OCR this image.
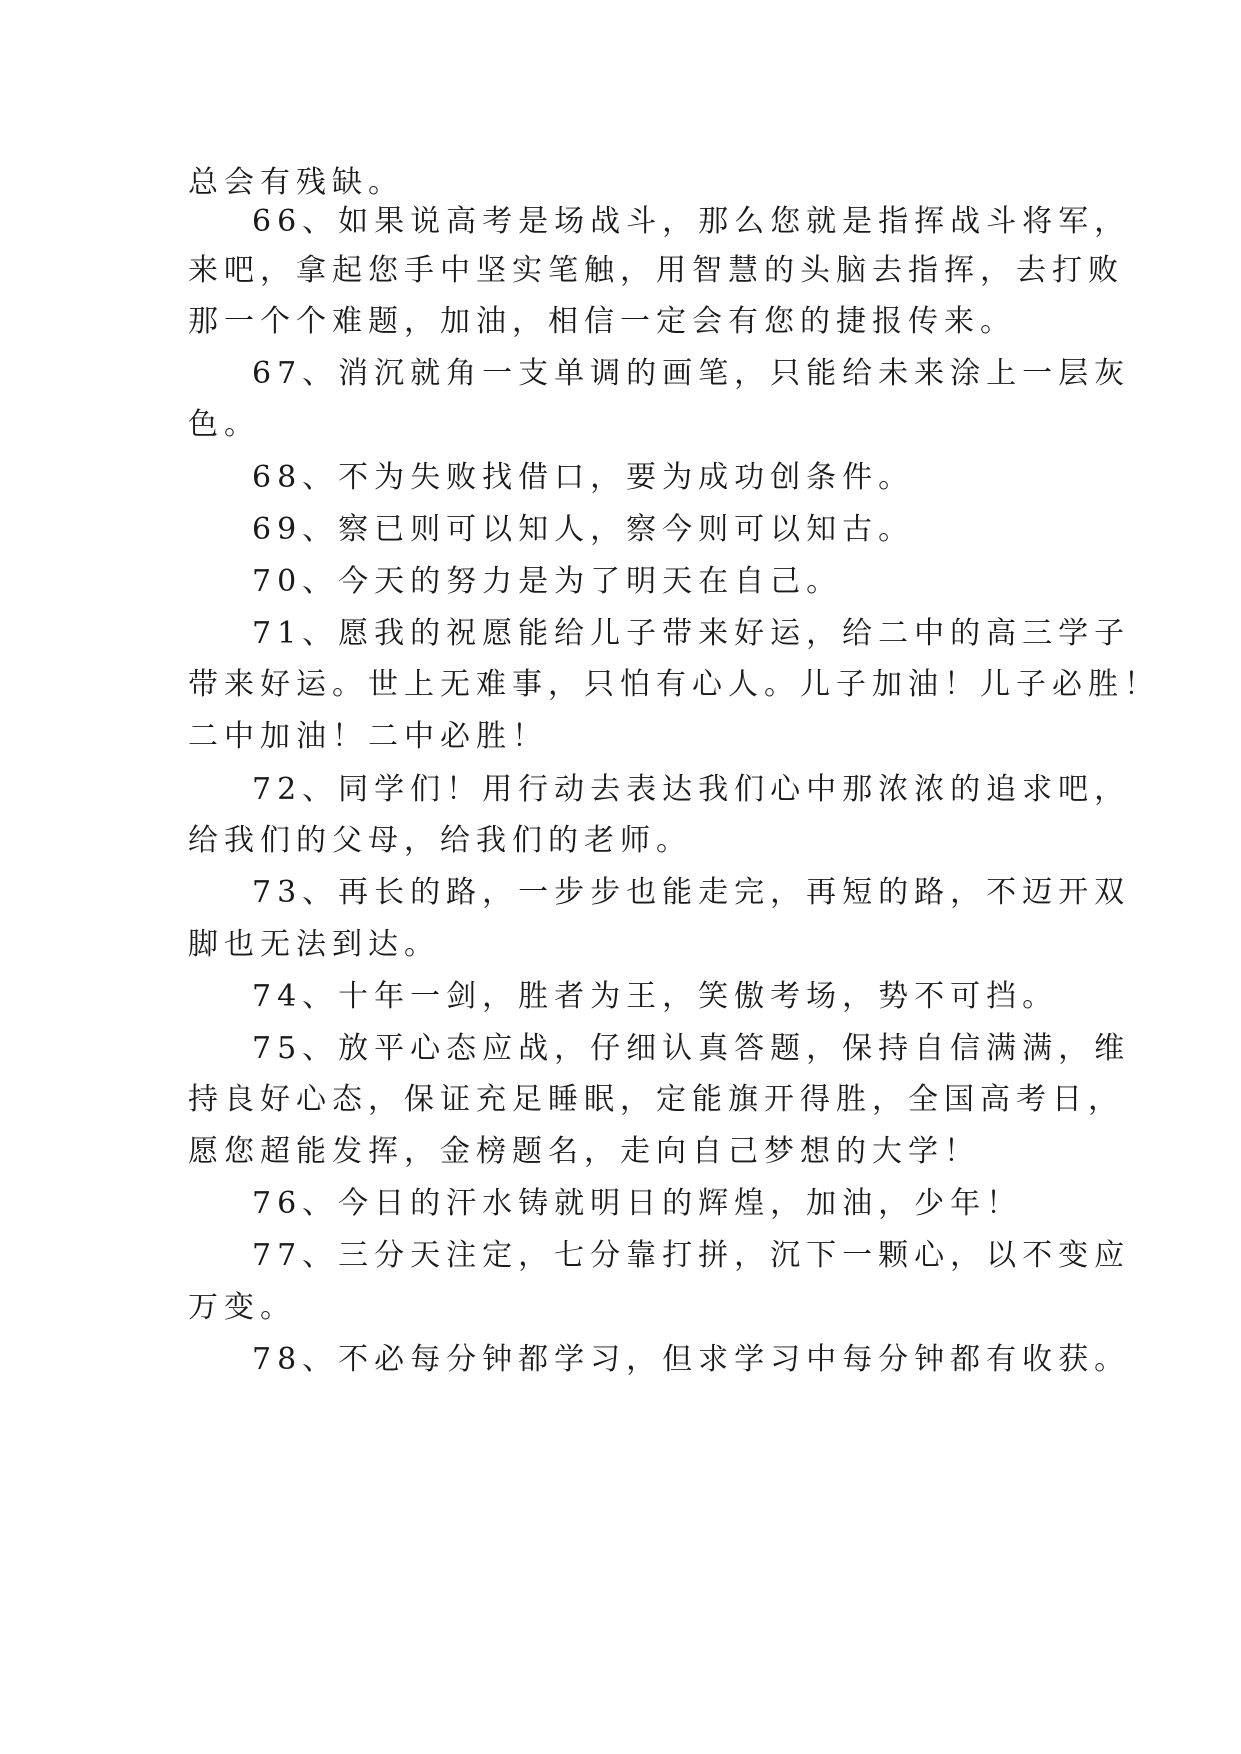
总会有残缺。
66、如果说高考是场战斗，那么您就是指挥战斗将军，
来吧，拿起您手中坚实笔触，用智慧的头脑去指挥，去打败
那一个个难题，加油，相信一定会有您的捷报传来。
67、消沉就角一支单调的画笔，只能给未来涂上一层灰
色。
68、不为失败找借口，要为成功创条件。
69、察已则可以知人，察今则可以知古。
70、今天的努力是为了明天在自己。
71、愿我的祝愿能给儿子带来好运，给二中的高三学子
带来好运。世上无难事，只怕有心人。儿子加油！儿子必胜！
二中加油！二中必胜！
72、同学们！用行动去表达我们心中那浓浓的追求吧，
给我们的父母，给我们的老师。
73、再长的路，一步步也能走完，再短的路，不迈开双
脚也无法到达。
74、十年一剑，胜者为王，笑傲考场，势不可挡。
75、放平心态应战，仔细认真答题，保持自信满满，维
持良好心态，保证充足睡眠，定能旗开得胜，全国高考日，
愿您超能发挥，金榜题名，走向自己梦想的大学！
76、今日的汗水铸就明日的辉煌，加油，少年！
77、三分天注定，七分靠打拼，沉下一颗心，以不变应
万变。
78、不必每分钟都学习，但求学习中每分钟都有收获。
